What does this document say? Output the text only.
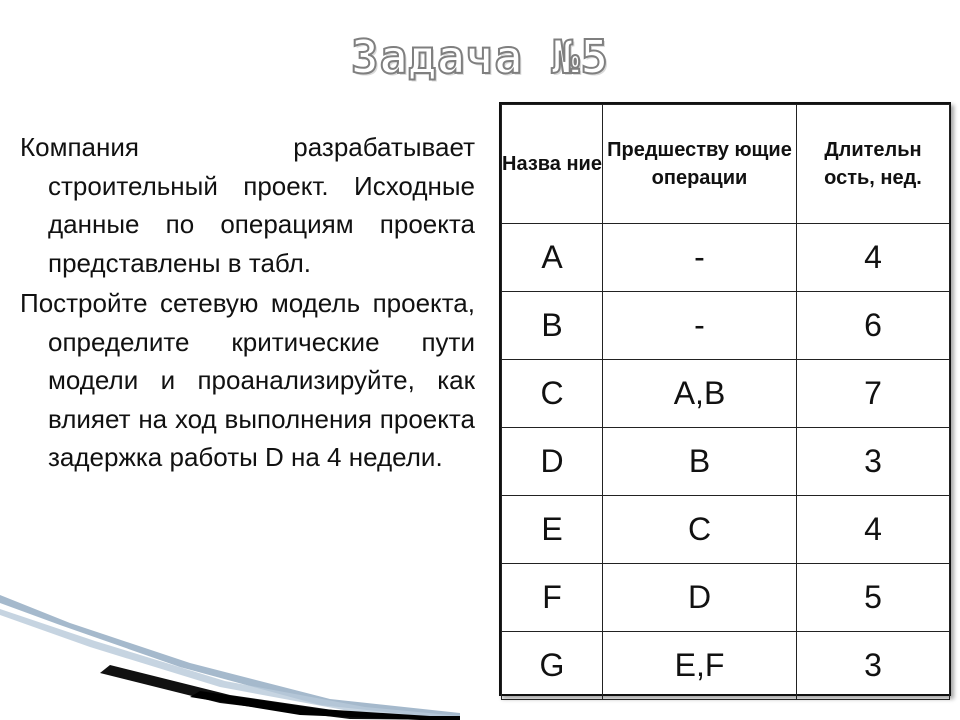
Задача №5

Компания разрабатывает строительный проект. Исходные данные по операциям проекта представлены в табл.

Постройте сетевую модель проекта, определите критические пути модели и проанализируйте, как влияет на ход выполнения проекта задержка работы D на 4 недели.

Назва ние	Предшеству ющие операции	Длительн ость, нед.
A	-	4
B	-	6
C	A,B	7
D	B	3
E	C	4
F	D	5
G	E,F	3
